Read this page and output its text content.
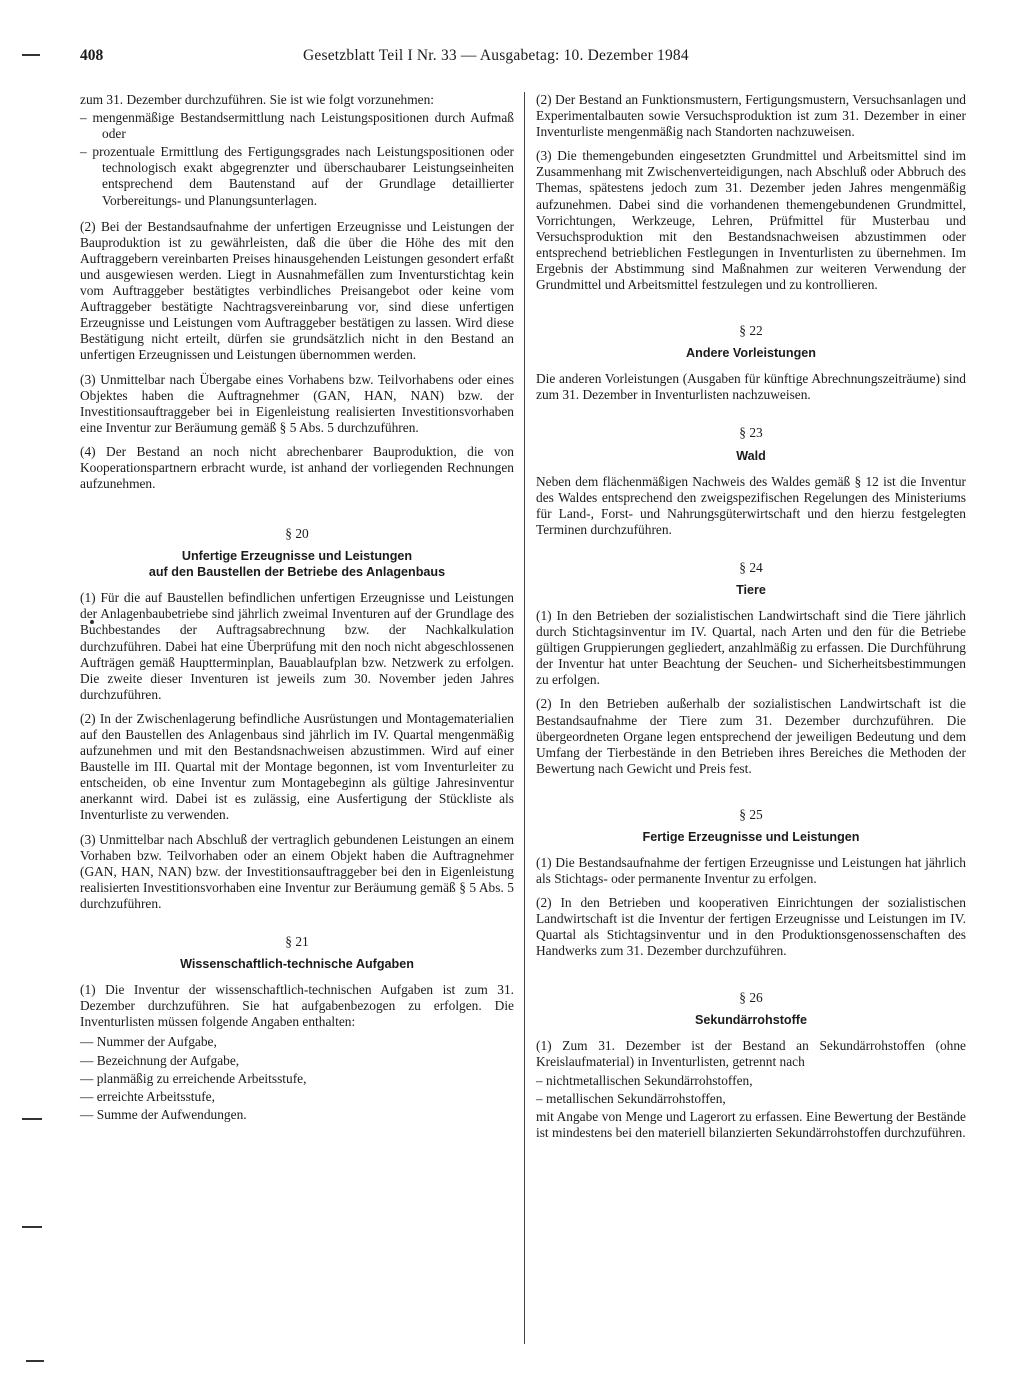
408	Gesetzblatt Teil I Nr. 33 — Ausgabetag: 10. Dezember 1984

zum 31. Dezember durchzuführen. Sie ist wie folgt vorzunehmen:

– mengenmäßige Bestandsermittlung nach Leistungspositionen durch Aufmaß oder
– prozentuale Ermittlung des Fertigungsgrades nach Leistungspositionen oder technologisch exakt abgegrenzter und überschaubarer Leistungseinheiten entsprechend dem Bautenstand auf der Grundlage detaillierter Vorbereitungs- und Planungsunterlagen.

(2) Bei der Bestandsaufnahme der unfertigen Erzeugnisse und Leistungen der Bauproduktion ist zu gewährleisten, daß die über die Höhe des mit den Auftraggebern vereinbarten Preises hinausgehenden Leistungen gesondert erfaßt und ausgewiesen werden. Liegt in Ausnahmefällen zum Inventurstichtag kein vom Auftraggeber bestätigtes verbindliches Preisangebot oder keine vom Auftraggeber bestätigte Nachtragsvereinbarung vor, sind diese unfertigen Erzeugnisse und Leistungen vom Auftraggeber bestätigen zu lassen. Wird diese Bestätigung nicht erteilt, dürfen sie grundsätzlich nicht in den Bestand an unfertigen Erzeugnissen und Leistungen übernommen werden.

(3) Unmittelbar nach Übergabe eines Vorhabens bzw. Teilvorhabens oder eines Objektes haben die Auftragnehmer (GAN, HAN, NAN) bzw. der Investitionsauftraggeber bei in Eigenleistung realisierten Investitionsvorhaben eine Inventur zur Beräumung gemäß § 5 Abs. 5 durchzuführen.

(4) Der Bestand an noch nicht abrechenbarer Bauproduktion, die von Kooperationspartnern erbracht wurde, ist anhand der vorliegenden Rechnungen aufzunehmen.

§ 20
Unfertige Erzeugnisse und Leistungen
auf den Baustellen der Betriebe des Anlagenbaus

(1) Für die auf Baustellen befindlichen unfertigen Erzeugnisse und Leistungen der Anlagenbaubetriebe sind jährlich zweimal Inventuren auf der Grundlage des Buchbestandes der Auftragsabrechnung bzw. der Nachkalkulation durchzuführen. Dabei hat eine Überprüfung mit den noch nicht abgeschlossenen Aufträgen gemäß Hauptterminplan, Bauablaufplan bzw. Netzwerk zu erfolgen. Die zweite dieser Inventuren ist jeweils zum 30. November jeden Jahres durchzuführen.

(2) In der Zwischenlagerung befindliche Ausrüstungen und Montagematerialien auf den Baustellen des Anlagenbaus sind jährlich im IV. Quartal mengenmäßig aufzunehmen und mit den Bestandsnachweisen abzustimmen. Wird auf einer Baustelle im III. Quartal mit der Montage begonnen, ist vom Inventurleiter zu entscheiden, ob eine Inventur zum Montagebeginn als gültige Jahresinventur anerkannt wird. Dabei ist es zulässig, eine Ausfertigung der Stückliste als Inventurliste zu verwenden.

(3) Unmittelbar nach Abschluß der vertraglich gebundenen Leistungen an einem Vorhaben bzw. Teilvorhaben oder an einem Objekt haben die Auftragnehmer (GAN, HAN, NAN) bzw. der Investitionsauftraggeber bei den in Eigenleistung realisierten Investitionsvorhaben eine Inventur zur Beräumung gemäß § 5 Abs. 5 durchzuführen.

§ 21
Wissenschaftlich-technische Aufgaben

(1) Die Inventur der wissenschaftlich-technischen Aufgaben ist zum 31. Dezember durchzuführen. Sie hat aufgabenbezogen zu erfolgen. Die Inventurlisten müssen folgende Angaben enthalten:

— Nummer der Aufgabe,
— Bezeichnung der Aufgabe,
— planmäßig zu erreichende Arbeitsstufe,
— erreichte Arbeitsstufe,
— Summe der Aufwendungen.

(2) Der Bestand an Funktionsmustern, Fertigungsmustern, Versuchsanlagen und Experimentalbauten sowie Versuchsproduktion ist zum 31. Dezember in einer Inventurliste mengenmäßig nach Standorten nachzuweisen.

(3) Die themengebunden eingesetzten Grundmittel und Arbeitsmittel sind im Zusammenhang mit Zwischenverteidigungen, nach Abschluß oder Abbruch des Themas, spätestens jedoch zum 31. Dezember jeden Jahres mengenmäßig aufzunehmen. Dabei sind die vorhandenen themengebundenen Grundmittel, Vorrichtungen, Werkzeuge, Lehren, Prüfmittel für Musterbau und Versuchsproduktion mit den Bestandsnachweisen abzustimmen oder entsprechend betrieblichen Festlegungen in Inventurlisten zu übernehmen. Im Ergebnis der Abstimmung sind Maßnahmen zur weiteren Verwendung der Grundmittel und Arbeitsmittel festzulegen und zu kontrollieren.

§ 22
Andere Vorleistungen

Die anderen Vorleistungen (Ausgaben für künftige Abrechnungszeiträume) sind zum 31. Dezember in Inventurlisten nachzuweisen.

§ 23
Wald

Neben dem flächenmäßigen Nachweis des Waldes gemäß § 12 ist die Inventur des Waldes entsprechend den zweigspezifischen Regelungen des Ministeriums für Land-, Forst- und Nahrungsgüterwirtschaft und den hierzu festgelegten Terminen durchzuführen.

§ 24
Tiere

(1) In den Betrieben der sozialistischen Landwirtschaft sind die Tiere jährlich durch Stichtagsinventur im IV. Quartal, nach Arten und den für die Betriebe gültigen Gruppierungen gegliedert, anzahlmäßig zu erfassen. Die Durchführung der Inventur hat unter Beachtung der Seuchen- und Sicherheitsbestimmungen zu erfolgen.

(2) In den Betrieben außerhalb der sozialistischen Landwirtschaft ist die Bestandsaufnahme der Tiere zum 31. Dezember durchzuführen. Die übergeordneten Organe legen entsprechend der jeweiligen Bedeutung und dem Umfang der Tierbestände in den Betrieben ihres Bereiches die Methoden der Bewertung nach Gewicht und Preis fest.

§ 25
Fertige Erzeugnisse und Leistungen

(1) Die Bestandsaufnahme der fertigen Erzeugnisse und Leistungen hat jährlich als Stichtags- oder permanente Inventur zu erfolgen.

(2) In den Betrieben und kooperativen Einrichtungen der sozialistischen Landwirtschaft ist die Inventur der fertigen Erzeugnisse und Leistungen im IV. Quartal als Stichtagsinventur und in den Produktionsgenossenschaften des Handwerks zum 31. Dezember durchzuführen.

§ 26
Sekundärrohstoffe

(1) Zum 31. Dezember ist der Bestand an Sekundärrohstoffen (ohne Kreislaufmaterial) in Inventurlisten, getrennt nach

– nichtmetallischen Sekundärrohstoffen,
– metallischen Sekundärrohstoffen,

mit Angabe von Menge und Lagerort zu erfassen. Eine Bewertung der Bestände ist mindestens bei den materiell bilanzierten Sekundärrohstoffen durchzuführen.
